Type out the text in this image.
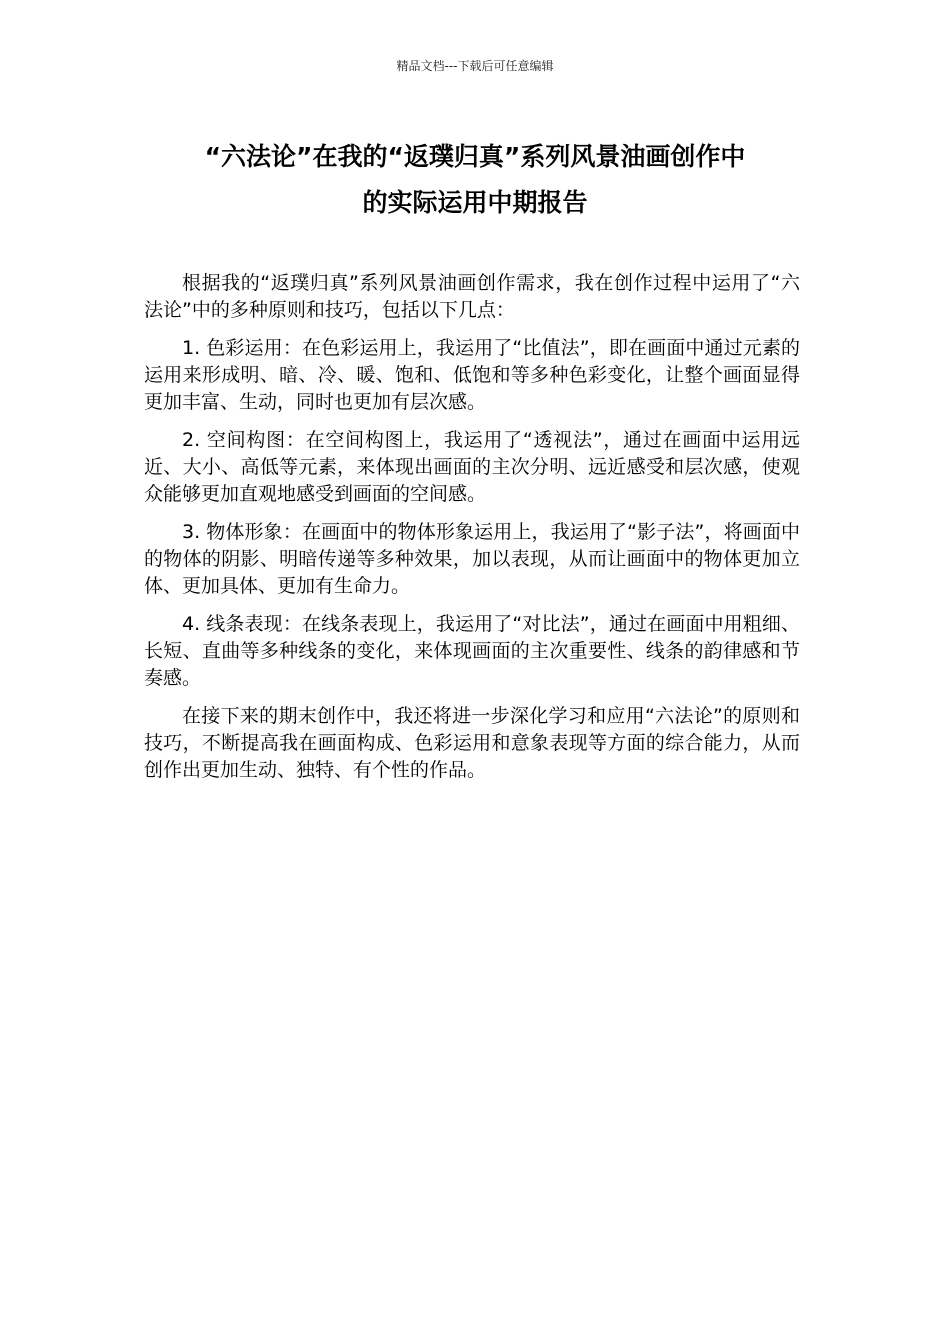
精品文档---下载后可任意编辑
“六法论”在我的“返璞归真”系列风景油画创作中
的实际运用中期报告

根据我的“返璞归真”系列风景油画创作需求，我在创作过程中运用了“六法论”中的多种原则和技巧，包括以下几点：

1. 色彩运用：在色彩运用上，我运用了“比值法”，即在画面中通过元素的运用来形成明、暗、冷、暖、饱和、低饱和等多种色彩变化，让整个画面显得更加丰富、生动，同时也更加有层次感。

2. 空间构图：在空间构图上，我运用了“透视法”，通过在画面中运用远近、大小、高低等元素，来体现出画面的主次分明、远近感受和层次感，使观众能够更加直观地感受到画面的空间感。

3. 物体形象：在画面中的物体形象运用上，我运用了“影子法”，将画面中的物体的阴影、明暗传递等多种效果，加以表现，从而让画面中的物体更加立体、更加具体、更加有生命力。

4. 线条表现：在线条表现上，我运用了“对比法”，通过在画面中用粗细、长短、直曲等多种线条的变化，来体现画面的主次重要性、线条的韵律感和节奏感。

在接下来的期末创作中，我还将进一步深化学习和应用“六法论”的原则和技巧，不断提高我在画面构成、色彩运用和意象表现等方面的综合能力，从而创作出更加生动、独特、有个性的作品。
